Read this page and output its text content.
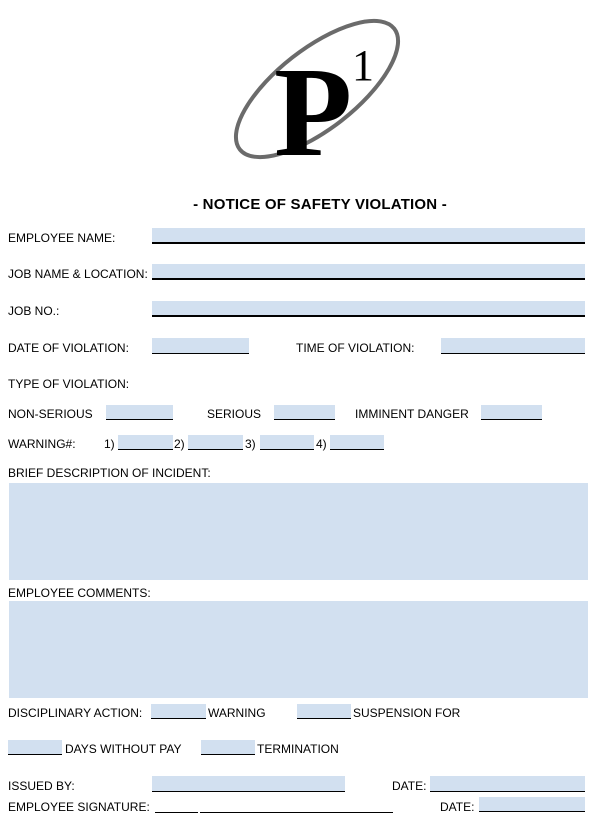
P 1
- NOTICE OF SAFETY VIOLATION -
EMPLOYEE NAME:
JOB NAME & LOCATION:
JOB NO.:
DATE OF VIOLATION:	TIME OF VIOLATION:
TYPE OF VIOLATION:
NON-SERIOUS	SERIOUS	IMMINENT DANGER
WARNING#: 1)	2)	3)	4)
BRIEF DESCRIPTION OF INCIDENT:
EMPLOYEE COMMENTS:
DISCIPLINARY ACTION:	WARNING	SUSPENSION FOR
DAYS WITHOUT PAY	TERMINATION
ISSUED BY:	DATE:
EMPLOYEE SIGNATURE:	DATE:
